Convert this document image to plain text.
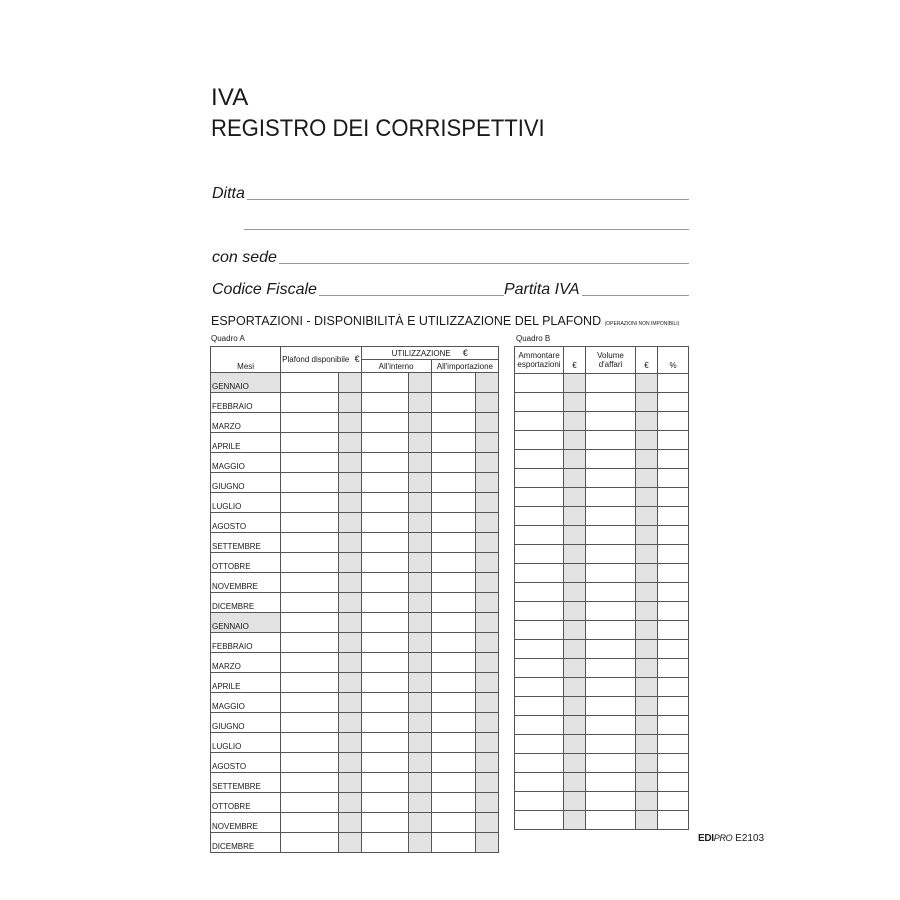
IVA
REGISTRO DEI CORRISPETTIVI
Ditta
con sede
Codice Fiscale	Partita IVA
ESPORTAZIONI - DISPONIBILITÀ E UTILIZZAZIONE DEL PLAFOND (OPERAZIONI NON IMPONIBILI)
Quadro A	Quadro B
Mesi	Plafond disponibile €		UTILIZZAZIONE €			
			All'interno		All'importazione	
GENNAIO						
FEBBRAIO						
MARZO						
APRILE						
MAGGIO						
GIUGNO						
LUGLIO						
AGOSTO						
SETTEMBRE						
OTTOBRE						
NOVEMBRE						
DICEMBRE						
GENNAIO						
FEBBRAIO						
MARZO						
APRILE						
MAGGIO						
GIUGNO						
LUGLIO						
AGOSTO						
SETTEMBRE						
OTTOBRE						
NOVEMBRE						
DICEMBRE						
Ammontare esportazioni	€	Volume d'affari	€	%

EDIPRO E2103
